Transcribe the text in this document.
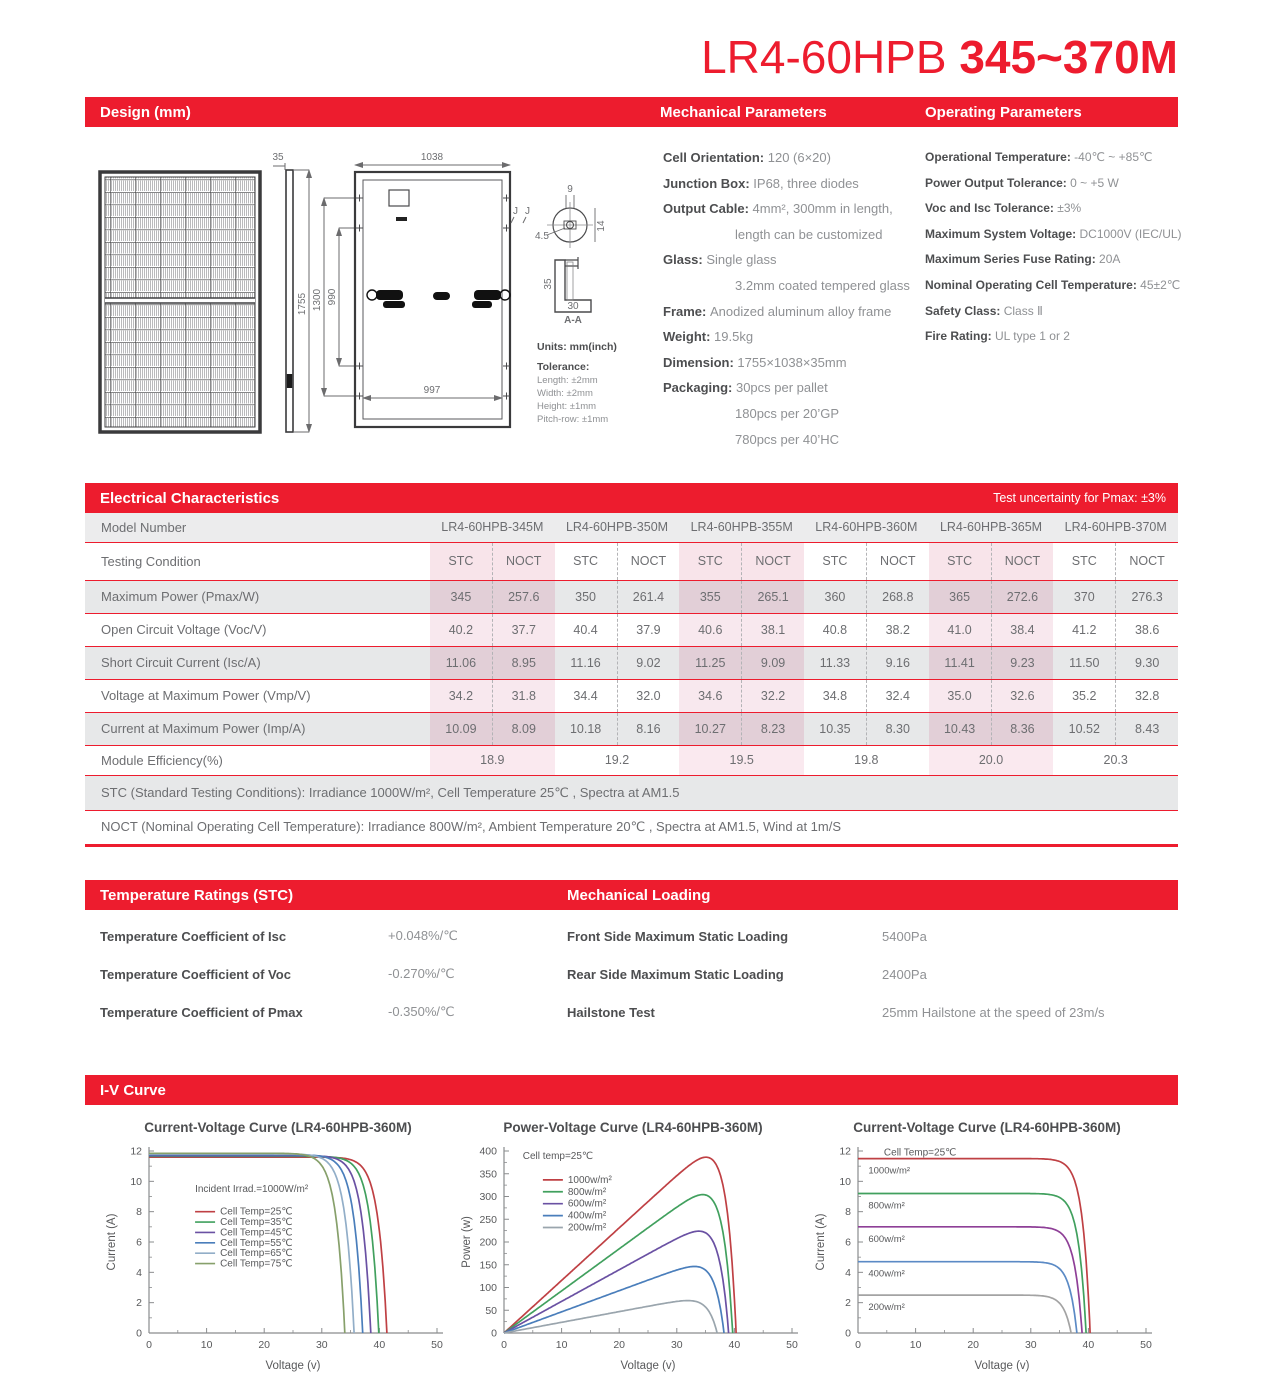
LR4-60HPB 345~370M
Design (mm)	Mechanical Parameters	Operating Parameters
35
1755 1300 990
1038
997
J J
9
14
4.5
35
30
A-A
Units: mm(inch)
Tolerance:
Length: ±2mm
Width: ±2mm
Height: ±1mm
Pitch-row: ±1mm
Cell Orientation: 120 (6×20)
Junction Box: IP68, three diodes
Output Cable: 4mm², 300mm in length,
length can be customized
Glass: Single glass
3.2mm coated tempered glass
Frame: Anodized aluminum alloy frame
Weight: 19.5kg
Dimension: 1755×1038×35mm
Packaging: 30pcs per pallet
180pcs per 20’GP
780pcs per 40’HC
Operational Temperature: -40℃ ~ +85℃
Power Output Tolerance: 0 ~ +5 W
Voc and Isc Tolerance: ±3%
Maximum System Voltage: DC1000V (IEC/UL)
Maximum Series Fuse Rating: 20A
Nominal Operating Cell Temperature: 45±2℃
Safety Class: Class Ⅱ
Fire Rating: UL type 1 or 2
Electrical Characteristics	Test uncertainty for Pmax: ±3%
Model Number	LR4-60HPB-345M		LR4-60HPB-350M		LR4-60HPB-355M		LR4-60HPB-360M		LR4-60HPB-365M		LR4-60HPB-370M	
Testing Condition	STC	NOCT	STC	NOCT	STC	NOCT	STC	NOCT	STC	NOCT	STC	NOCT
Maximum Power (Pmax/W)	345	257.6	350	261.4	355	265.1	360	268.8	365	272.6	370	276.3
Open Circuit Voltage (Voc/V)	40.2	37.7	40.4	37.9	40.6	38.1	40.8	38.2	41.0	38.4	41.2	38.6
Short Circuit Current (Isc/A)	11.06	8.95	11.16	9.02	11.25	9.09	11.33	9.16	11.41	9.23	11.50	9.30
Voltage at Maximum Power (Vmp/V)	34.2	31.8	34.4	32.0	34.6	32.2	34.8	32.4	35.0	32.6	35.2	32.8
Current at Maximum Power (Imp/A)	10.09	8.09	10.18	8.16	10.27	8.23	10.35	8.30	10.43	8.36	10.52	8.43
Module Efficiency(%)	18.9		19.2		19.5		19.8		20.0		20.3	
STC (Standard Testing Conditions): Irradiance 1000W/m², Cell Temperature 25℃ , Spectra at AM1.5												
NOCT (Nominal Operating Cell Temperature): Irradiance 800W/m², Ambient Temperature 20℃ , Spectra at AM1.5, Wind at 1m/S												
Temperature Ratings (STC)	Mechanical Loading
Temperature Coefficient of Isc	+0.048%/℃
Temperature Coefficient of Voc	-0.270%/℃
Temperature Coefficient of Pmax	-0.350%/℃
Front Side Maximum Static Loading	5400Pa
Rear Side Maximum Static Loading	2400Pa
Hailstone Test	25mm Hailstone at the speed of 23m/s
I-V Curve
Current-Voltage Curve (LR4-60HPB-360M)
0	10	20	30	40	50
0
2
4
6
8
10
12
Incident Irrad.=1000W/m²
Cell Temp=25℃
Cell Temp=35℃
Cell Temp=45℃
Cell Temp=55℃
Cell Temp=65℃
Cell Temp=75℃
Voltage (v)
Current (A)
Power-Voltage Curve (LR4-60HPB-360M)
0	10	20	30	40	50
0
50
100
150
200
250
300
350
400	Cell temp=25℃
1000w/m²
800w/m²
600w/m²
400w/m²
200w/m²
Voltage (v)
Power (w)
Current-Voltage Curve (LR4-60HPB-360M)
0	10	20	30	40	50
0
2
4
6
8
10
12	Cell Temp=25℃
1000w/m²
800w/m²
600w/m²
400w/m²
200w/m²
Voltage (v)
Current (A)
